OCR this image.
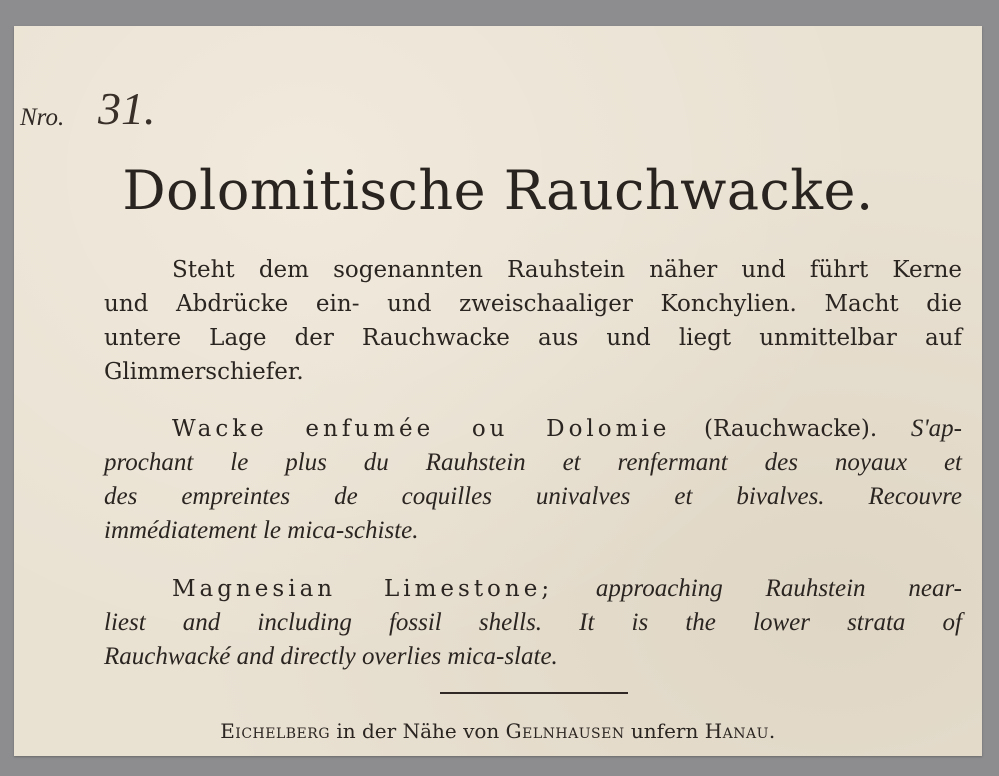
Nro. 31.
Dolomitische Rauchwacke.
Steht dem sogenannten Rauhstein näher und führt Kerne
und Abdrücke ein- und zweischaaliger Konchylien. Macht die
untere Lage der Rauchwacke aus und liegt unmittelbar auf
Glimmerschiefer.
Wacke enfumée ou Dolomie (Rauchwacke). S'ap-
prochant le plus du Rauhstein et renfermant des noyaux et
des empreintes de coquilles univalves et bivalves. Recouvre
immédiatement le mica-schiste.
Magnesian Limestone; approaching Rauhstein near-
liest and including fossil shells. It is the lower strata of
Rauchwacké and directly overlies mica-slate.
Eichelberg in der Nähe von Gelnhausen unfern Hanau.
